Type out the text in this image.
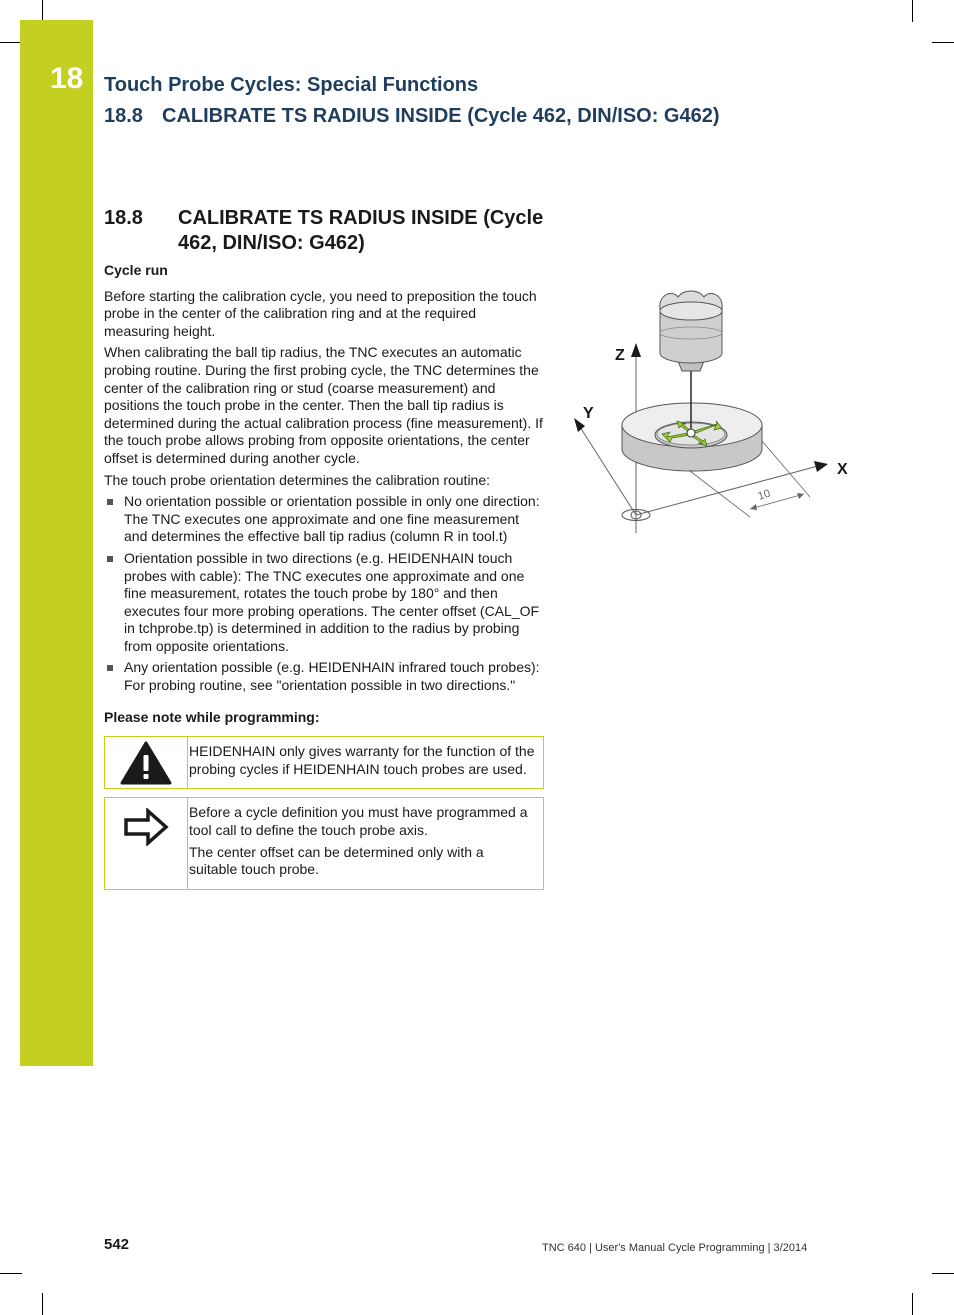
18 Touch Probe Cycles: Special Functions
18.8 CALIBRATE TS RADIUS INSIDE (Cycle 462, DIN/ISO: G462)
18.8 CALIBRATE TS RADIUS INSIDE (Cycle 462, DIN/ISO: G462)

Cycle run

Before starting the calibration cycle, you need to preposition the touch probe in the center of the calibration ring and at the required measuring height.

When calibrating the ball tip radius, the TNC executes an automatic probing routine. During the first probing cycle, the TNC determines the center of the calibration ring or stud (coarse measurement) and positions the touch probe in the center. Then the ball tip radius is determined during the actual calibration process (fine measurement). If the touch probe allows probing from opposite orientations, the center offset is determined during another cycle.

The touch probe orientation determines the calibration routine:

No orientation possible or orientation possible in only one direction: The TNC executes one approximate and one fine measurement and determines the effective ball tip radius (column R in tool.t)
Orientation possible in two directions (e.g. HEIDENHAIN touch probes with cable): The TNC executes one approximate and one fine measurement, rotates the touch probe by 180° and then executes four more probing operations. The center offset (CAL_OF in tchprobe.tp) is determined in addition to the radius by probing from opposite orientations.
Any orientation possible (e.g. HEIDENHAIN infrared touch probes): For probing routine, see "orientation possible in two directions."

Please note while programming:

HEIDENHAIN only gives warranty for the function of the probing cycles if HEIDENHAIN touch probes are used.

Before a cycle definition you must have programmed a tool call to define the touch probe axis.

The center offset can be determined only with a suitable touch probe.

10
Z
Y
X
542	TNC 640 | User's Manual Cycle Programming | 3/2014
